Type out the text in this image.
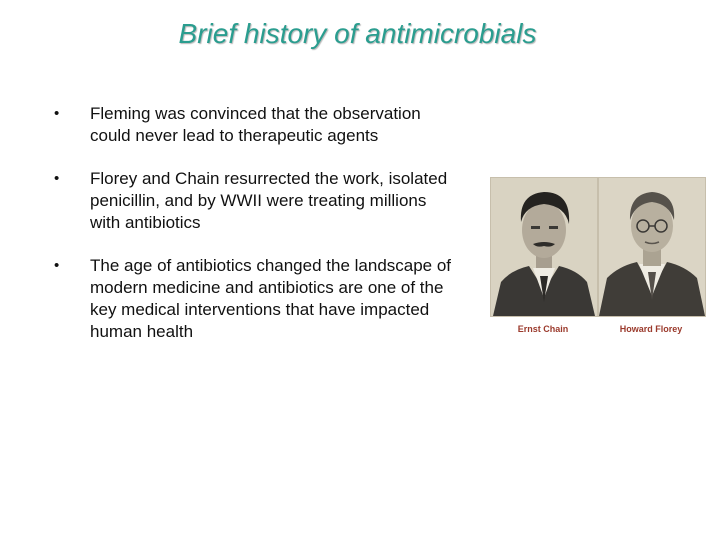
Brief history of antimicrobials
• Fleming was convinced that the observation could never lead to therapeutic agents
• Florey and Chain resurrected the work, isolated penicillin, and by WWII were treating millions with antibiotics
• The age of antibiotics changed the landscape of modern medicine and antibiotics are one of the key medical interventions that have impacted human health	Ernst Chain	Howard Florey
